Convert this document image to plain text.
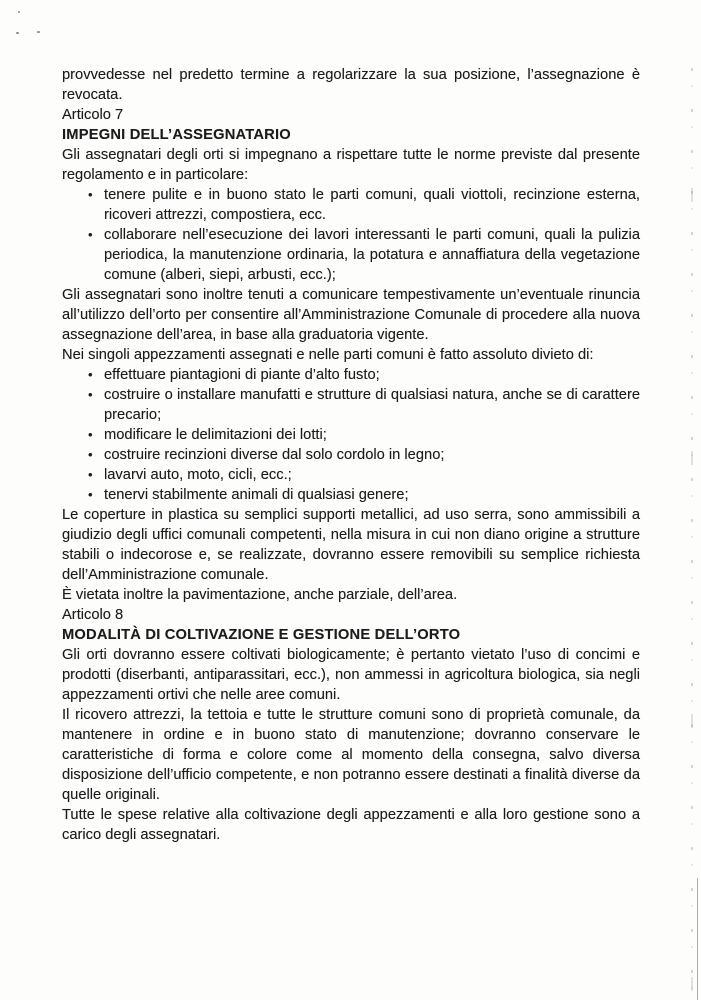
provvedesse nel predetto termine a regolarizzare la sua posizione, l’assegnazione è revocata.

Articolo 7

IMPEGNI DELL’ASSEGNATARIO

Gli assegnatari degli orti si impegnano a rispettare tutte le norme previste dal presente regolamento e in particolare:

• tenere pulite e in buono stato le parti comuni, quali viottoli, recinzione esterna, ricoveri attrezzi, compostiera, ecc.
• collaborare nell’esecuzione dei lavori interessanti le parti comuni, quali la pulizia periodica, la manutenzione ordinaria, la potatura e annaffiatura della vegetazione comune (alberi, siepi, arbusti, ecc.);

Gli assegnatari sono inoltre tenuti a comunicare tempestivamente un’eventuale rinuncia all’utilizzo dell’orto per consentire all’Amministrazione Comunale di procedere alla nuova assegnazione dell’area, in base alla graduatoria vigente.

Nei singoli appezzamenti assegnati e nelle parti comuni è fatto assoluto divieto di:

• effettuare piantagioni di piante d’alto fusto;
• costruire o installare manufatti e strutture di qualsiasi natura, anche se di carattere precario;
• modificare le delimitazioni dei lotti;
• costruire recinzioni diverse dal solo cordolo in legno;
• lavarvi auto, moto, cicli, ecc.;
• tenervi stabilmente animali di qualsiasi genere;

Le coperture in plastica su semplici supporti metallici, ad uso serra, sono ammissibili a giudizio degli uffici comunali competenti, nella misura in cui non diano origine a strutture stabili o indecorose e, se realizzate, dovranno essere removibili su semplice richiesta dell’Amministrazione comunale.

È vietata inoltre la pavimentazione, anche parziale, dell’area.

Articolo 8

MODALITÀ DI COLTIVAZIONE E GESTIONE DELL’ORTO

Gli orti dovranno essere coltivati biologicamente; è pertanto vietato l’uso di concimi e prodotti (diserbanti, antiparassitari, ecc.), non ammessi in agricoltura biologica, sia negli appezzamenti ortivi che nelle aree comuni.

Il ricovero attrezzi, la tettoia e tutte le strutture comuni sono di proprietà comunale, da mantenere in ordine e in buono stato di manutenzione; dovranno conservare le caratteristiche di forma e colore come al momento della consegna, salvo diversa disposizione dell’ufficio competente, e non potranno essere destinati a finalità diverse da quelle originali.

Tutte le spese relative alla coltivazione degli appezzamenti e alla loro gestione sono a carico degli assegnatari.
